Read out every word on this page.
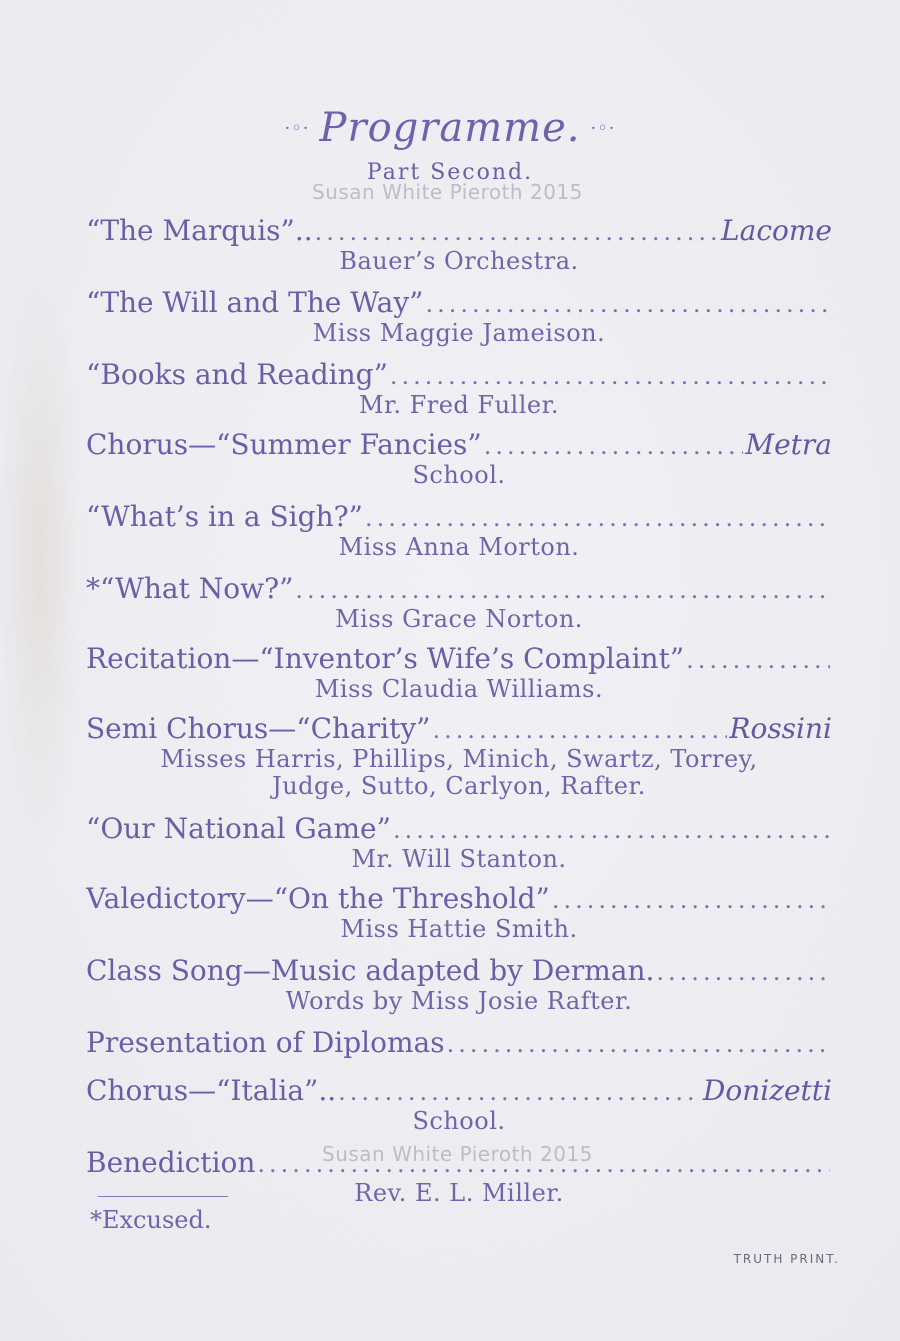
·◦· Programme. ·◦·
Part Second.
Susan White Pieroth 2015
Susan White Pieroth 2015
“The Marquis”.. .....	Lacome
Bauer’s Orchestra.
“The Will and The Way”
.....
Miss Maggie Jameison.
“Books and Reading”
.....
Mr. Fred Fuller.
Chorus—“Summer Fancies” .....	Metra
School.
“What’s in a Sigh?”
.....
Miss Anna Morton.
*“What Now?”
.....
Miss Grace Norton.
Recitation—“Inventor’s Wife’s Complaint”
.....
Miss Claudia Williams.
Semi Chorus—“Charity” .....	Rossini
Misses Harris, Phillips, Minich, Swartz, Torrey,
Judge, Sutto, Carlyon, Rafter.
“Our National Game”
.....
Mr. Will Stanton.
Valedictory—“On the Threshold”
.....
Miss Hattie Smith.
Class Song—Music adapted by Derman.
.....
Words by Miss Josie Rafter.
Presentation of Diplomas
.....
Chorus—“Italia”.. .....	Donizetti
School.
Benediction
.....
Rev. E. L. Miller.
*Excused.
TRUTH PRINT.
